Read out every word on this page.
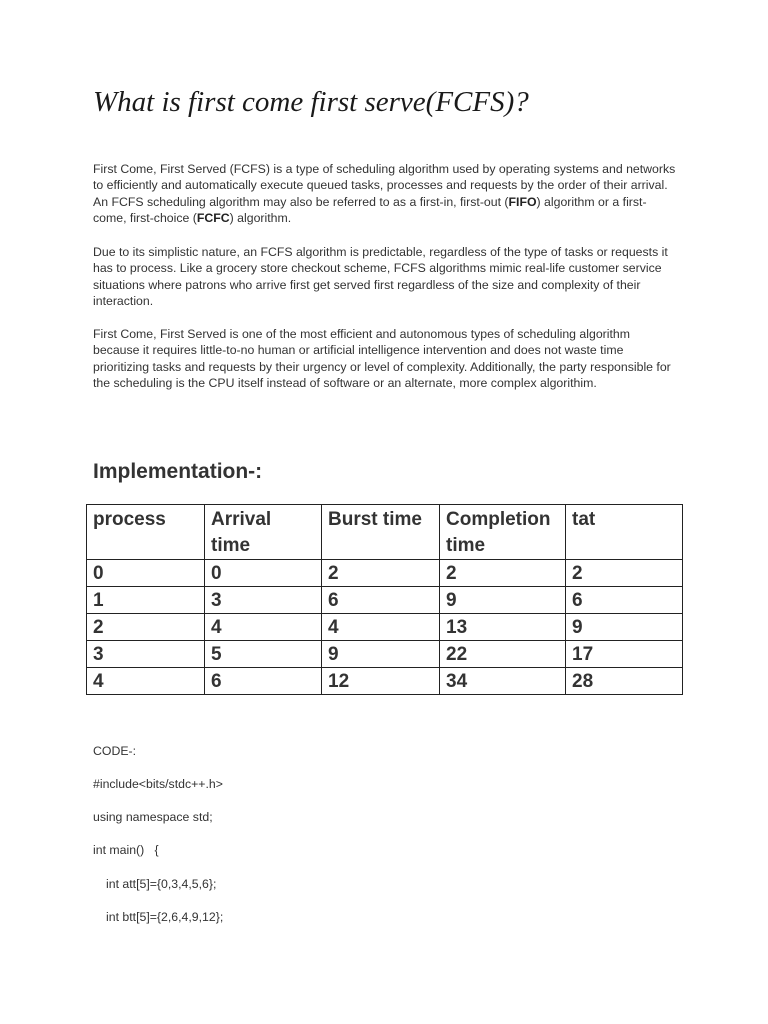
What is first come first serve(FCFS)?

First Come, First Served (FCFS) is a type of scheduling algorithm used by operating systems and networks to efficiently and automatically execute queued tasks, processes and requests by the order of their arrival. An FCFS scheduling algorithm may also be referred to as a first-in, first-out (FIFO) algorithm or a first-come, first-choice (FCFC) algorithm.

Due to its simplistic nature, an FCFS algorithm is predictable, regardless of the type of tasks or requests it has to process. Like a grocery store checkout scheme, FCFS algorithms mimic real-life customer service situations where patrons who arrive first get served first regardless of the size and complexity of their interaction.

First Come, First Served is one of the most efficient and autonomous types of scheduling algorithm because it requires little-to-no human or artificial intelligence intervention and does not waste time prioritizing tasks and requests by their urgency or level of complexity. Additionally, the party responsible for the scheduling is the CPU itself instead of software or an alternate, more complex algorithim.

Implementation-:
process	Arrival time	Burst time	Completion time	tat
0	0	2	2	2
1	3	6	9	6
2	4	4	13	9
3	5	9	22	17
4	6	12	34	28

CODE-:

#include<bits/stdc++.h>

using namespace std;

int main()   {

int att[5]={0,3,4,5,6};

int btt[5]={2,6,4,9,12};
